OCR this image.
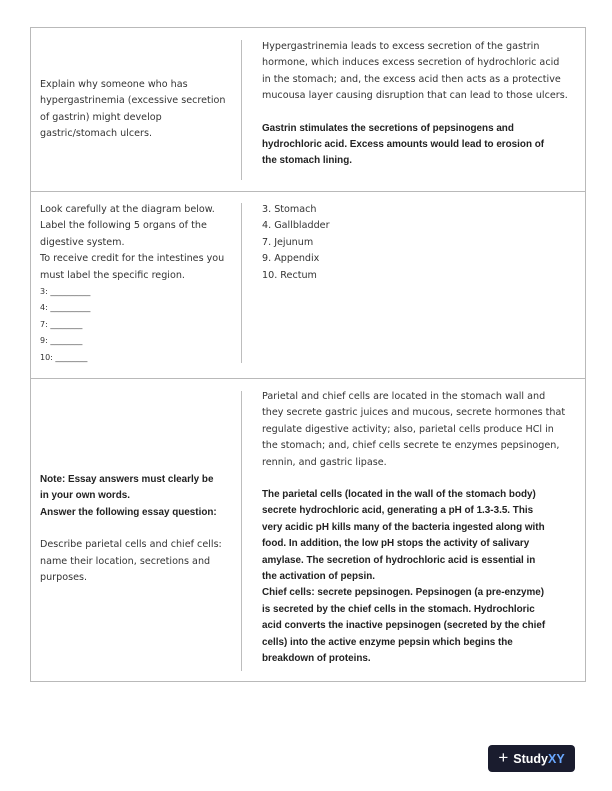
Explain why someone who has
hypergastrinemia (excessive secretion
of gastrin) might develop
gastric/stomach ulcers.
Hypergastrinemia leads to excess secretion of the gastrin
hormone, which induces excess secretion of hydrochloric acid
in the stomach; and, the excess acid then acts as a protective
mucousa layer causing disruption that can lead to those ulcers.
Gastrin stimulates the secretions of pepsinogens and
hydrochloric acid. Excess amounts would lead to erosion of
the stomach lining.
Look carefully at the diagram below.
Label the following 5 organs of the
digestive system.
To receive credit for the intestines you
must label the specific region.
3: __________
4: __________
7: ________
9: ________
10: ________
3. Stomach
4. Gallbladder
7. Jejunum
9. Appendix
10. Rectum
Note: Essay answers must clearly be
in your own words.
Answer the following essay question:
Describe parietal cells and chief cells:
name their location, secretions and
purposes.
Parietal and chief cells are located in the stomach wall and
they secrete gastric juices and mucous, secrete hormones that
regulate digestive activity; also, parietal cells produce HCl in
the stomach; and, chief cells secrete te enzymes pepsinogen,
rennin, and gastric lipase.
The parietal cells (located in the wall of the stomach body)
secrete hydrochloric acid, generating a pH of 1.3-3.5. This
very acidic pH kills many of the bacteria ingested along with
food. In addition, the low pH stops the activity of salivary
amylase. The secretion of hydrochloric acid is essential in
the activation of pepsin.
Chief cells: secrete pepsinogen. Pepsinogen (a pre-enzyme)
is secreted by the chief cells in the stomach. Hydrochloric
acid converts the inactive pepsinogen (secreted by the chief
cells) into the active enzyme pepsin which begins the
breakdown of proteins.
+ StudyXY
